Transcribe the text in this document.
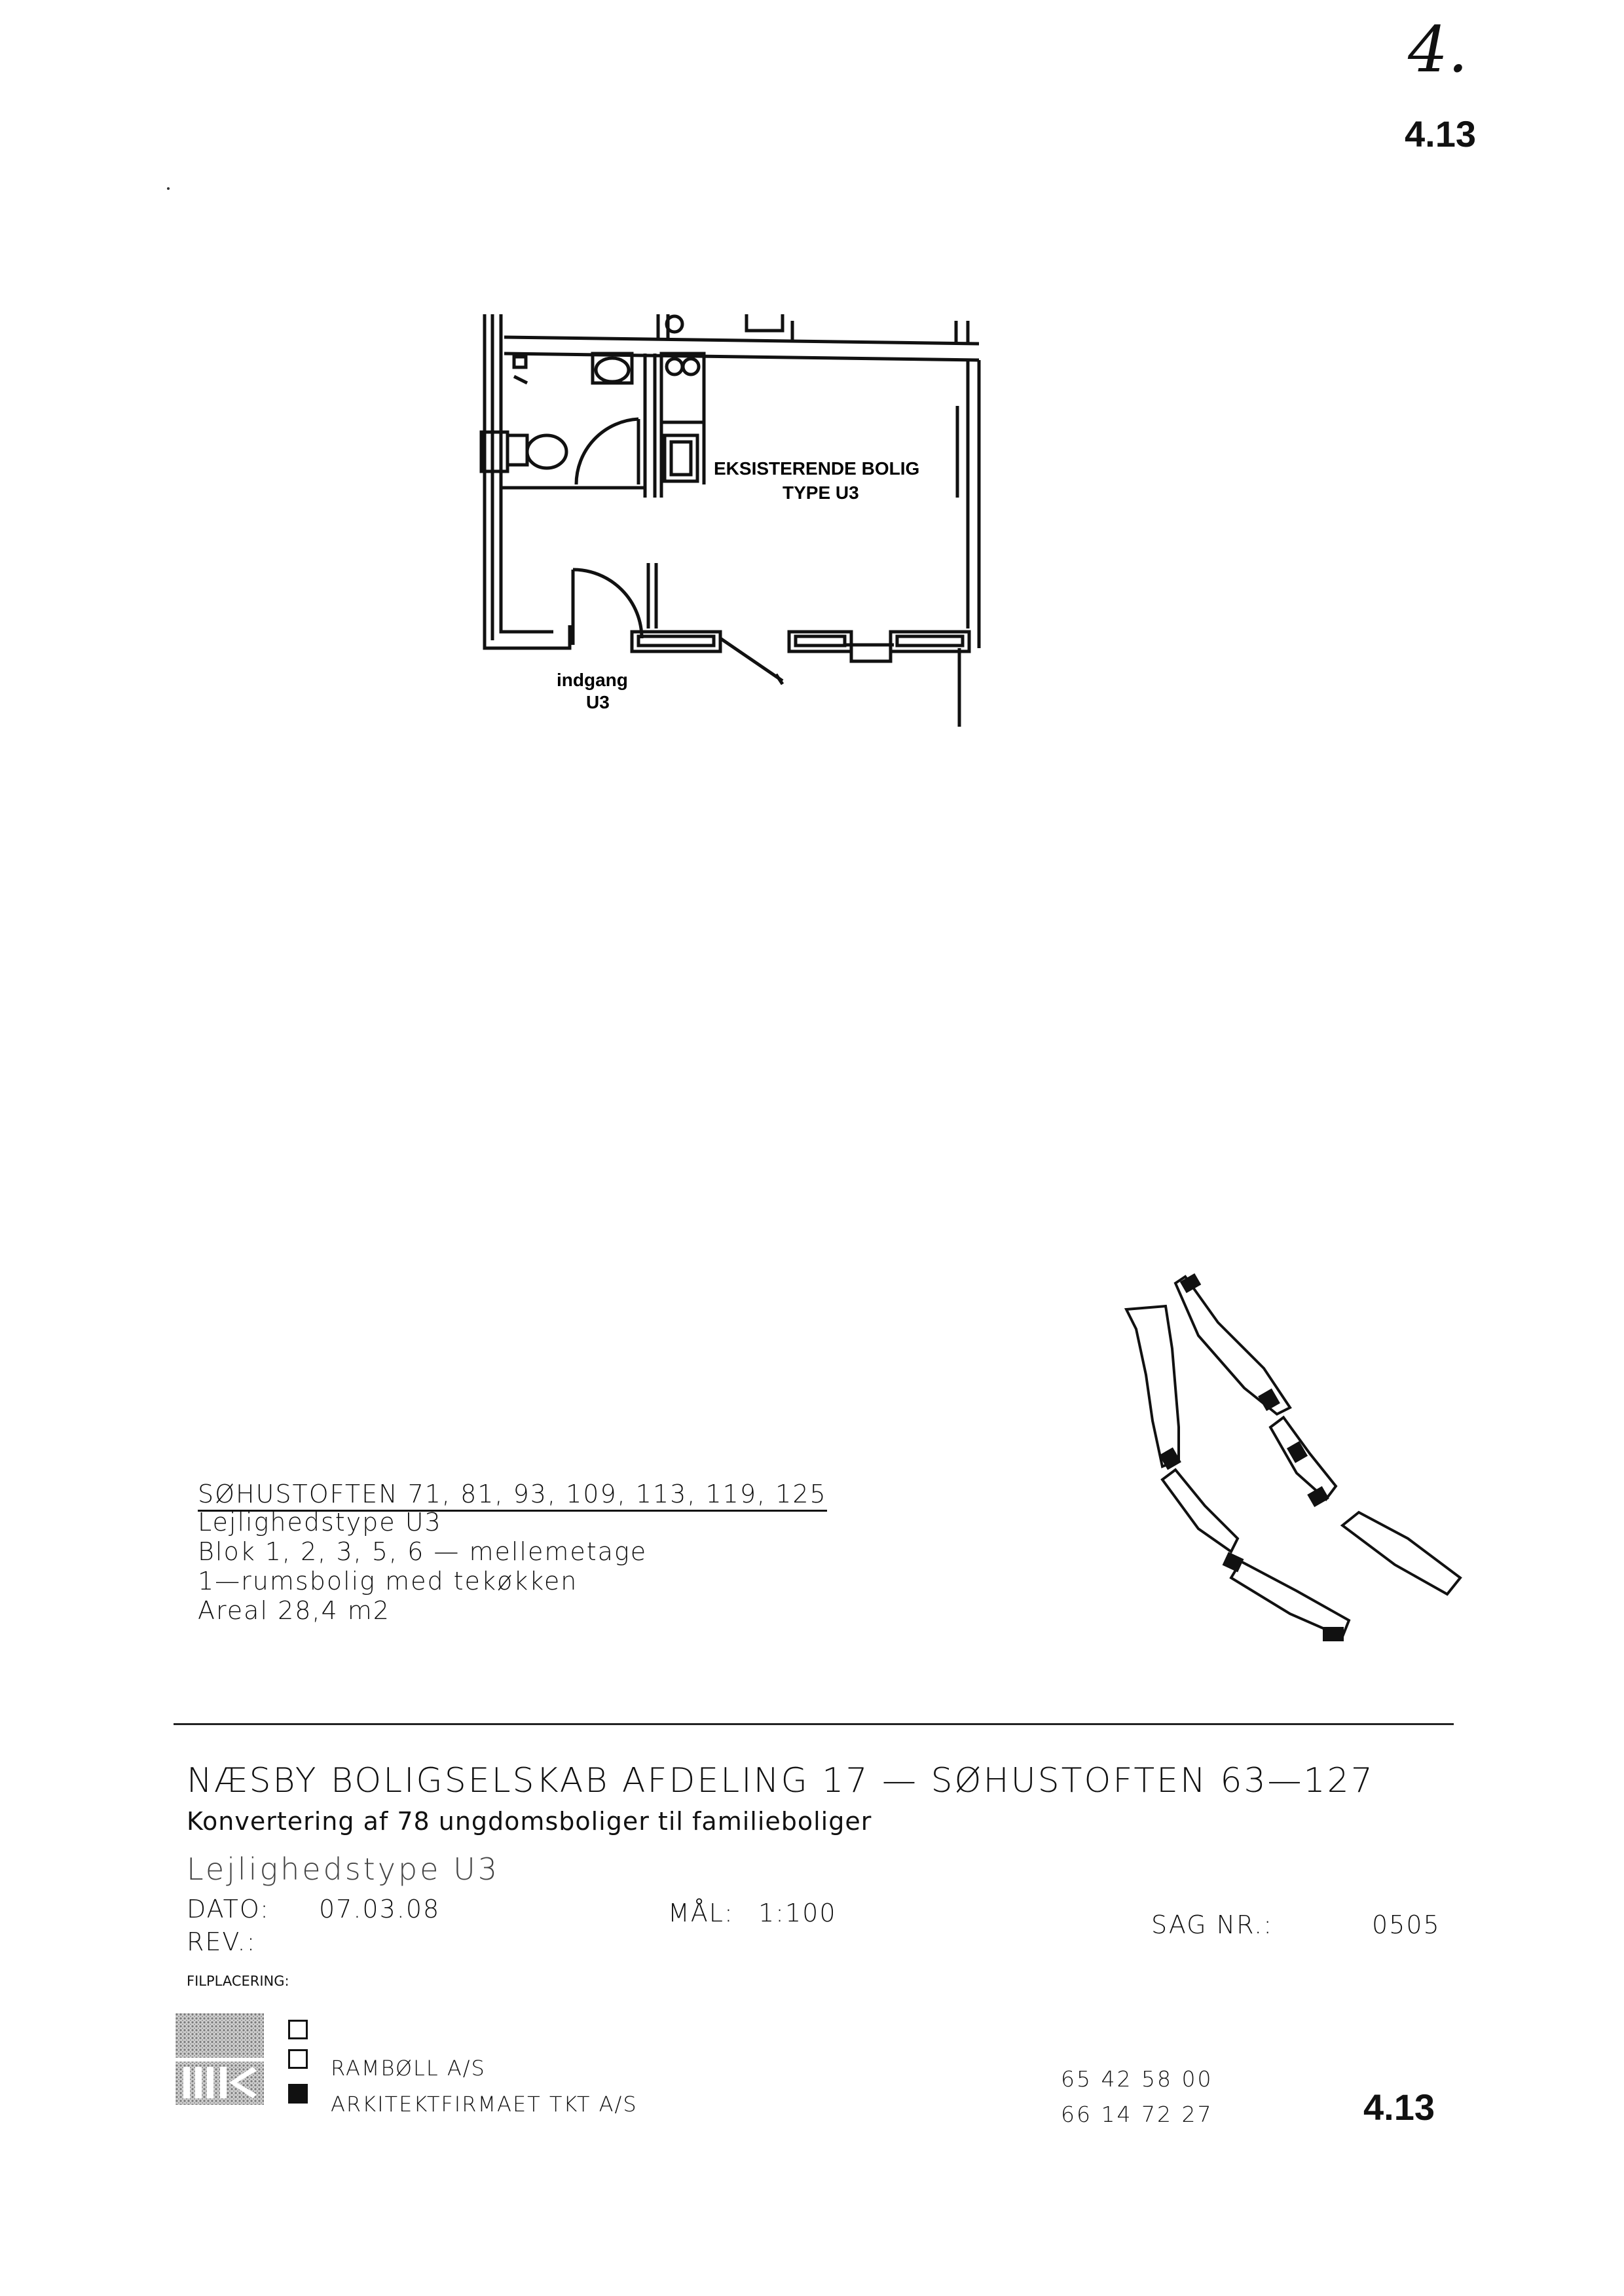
4.
4.13
EKSISTERENDE BOLIG
TYPE U3
indgang
U3
SØHUSTOFTEN 71, 81, 93, 109, 113, 119, 125
Lejlighedstype U3
Blok 1, 2, 3, 5, 6 — mellemetage
1—rumsbolig med tekøkken
Areal 28,4 m2
NÆSBY BOLIGSELSKAB AFDELING 17 — SØHUSTOFTEN 63—127
Konvertering af 78 ungdomsboliger til familieboliger
Lejlighedstype U3
DATO: 07.03.08	MÅL: 1:100	SAG NR.:	0505
REV.:
FILPLACERING:
RAMBØLL A/S
ARKITEKTFIRMAET TKT A/S
65 42 58 00
66 14 72 27	4.13
